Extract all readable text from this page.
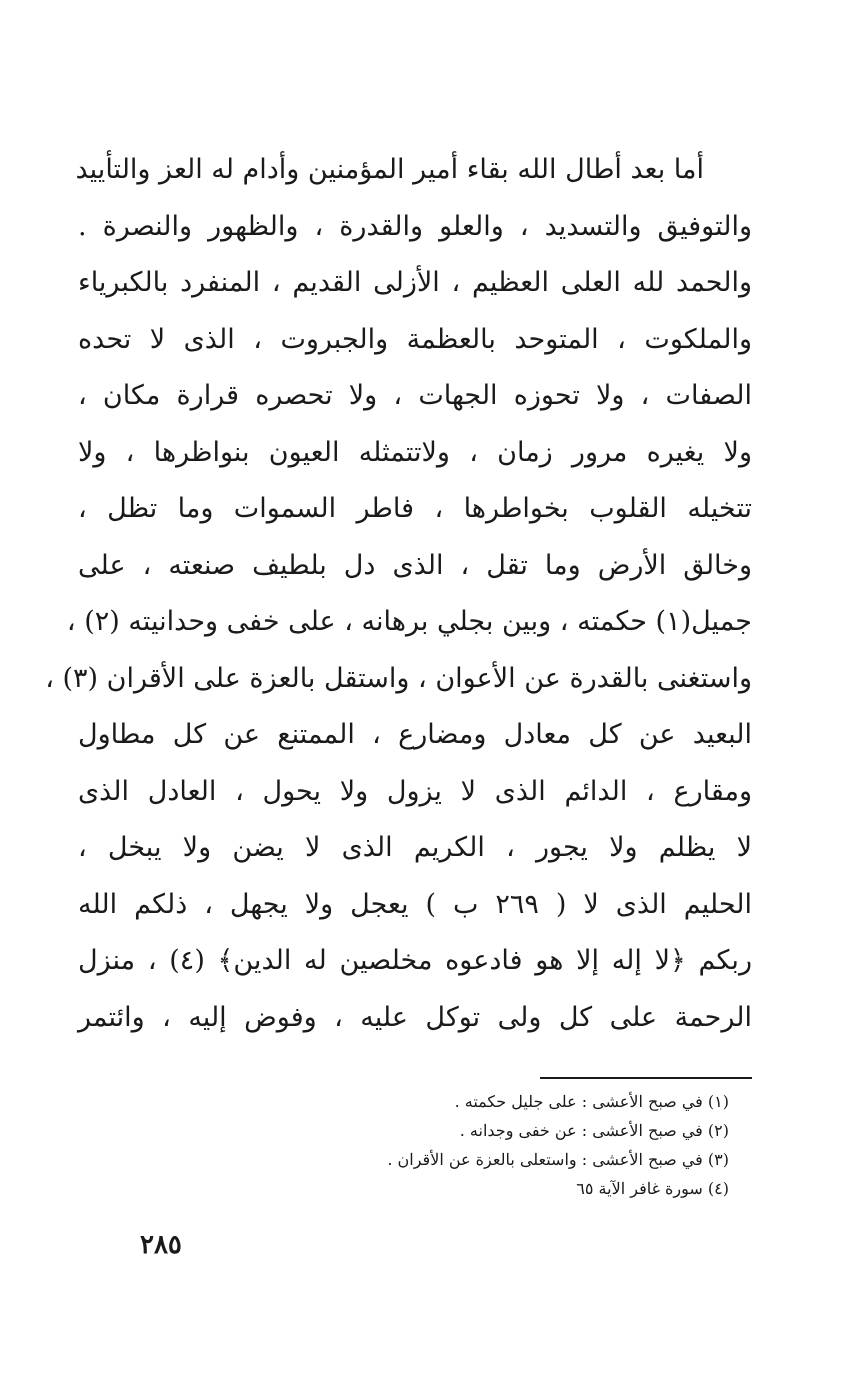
أما بعد أطال الله بقاء أمير المؤمنين وأدام له العز والتأييد
والتوفيق والتسديد ، والعلو والقدرة ، والظهور والنصرة .
والحمد لله العلى العظيم ، الأزلى القديم ، المنفرد بالكبرياء
والملكوت ، المتوحد بالعظمة والجبروت ، الذى لا تحده
الصفات ، ولا تحوزه الجهات ، ولا تحصره قرارة مكان ،
ولا يغيره مرور زمان ، ولاتتمثله العيون بنواظرها ، ولا
تتخيله القلوب بخواطرها ، فاطر السموات وما تظل ،
وخالق الأرض وما تقل ، الذى دل بلطيف صنعته ، على
جميل(١) حكمته ، وبين بجلي برهانه ، على خفى وحدانيته (٢) ،
واستغنى بالقدرة عن الأعوان ، واستقل بالعزة على الأقران (٣) ،
البعيد عن كل معادل ومضارع ، الممتنع عن كل مطاول
ومقارع ، الدائم الذى لا يزول ولا يحول ، العادل الذى
لا يظلم ولا يجور ، الكريم الذى لا يضن ولا يبخل ،
الحليم الذى لا ( ٢٦٩ ب ) يعجل ولا يجهل ، ذلكم الله
ربكم ﴿لا إله إلا هو فادعوه مخلصين له الدين﴾ (٤) ، منزل
الرحمة على كل ولى توكل عليه ، وفوض إليه ، وائتمر
(١) في صبح الأعشى : على جليل حكمته .
(٢) في صبح الأعشى : عن خفى وجدانه .
(٣) في صبح الأعشى : واستعلى بالعزة عن الأقران .
(٤) سورة غافر الآية ٦٥
٢٨٥
